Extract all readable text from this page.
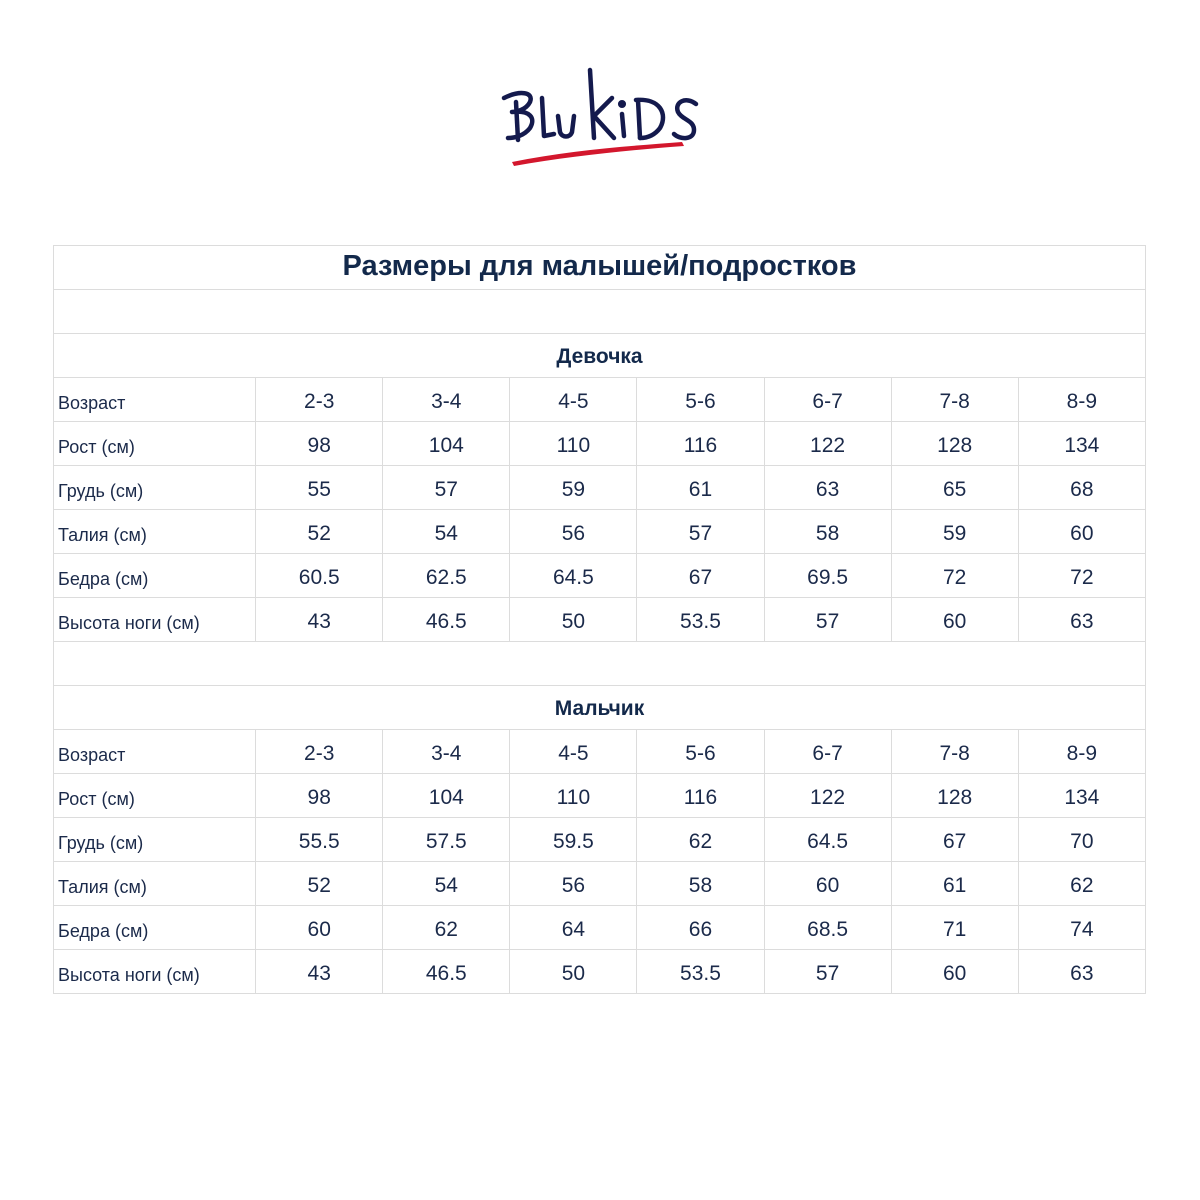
Размеры для малышей/подростков							

Девочка							
Возраст	2-3	3-4	4-5	5-6	6-7	7-8	8-9
Рост (см)	98	104	110	116	122	128	134
Грудь (см)	55	57	59	61	63	65	68
Талия (см)	52	54	56	57	58	59	60
Бедра (см)	60.5	62.5	64.5	67	69.5	72	72
Высота ноги (см)	43	46.5	50	53.5	57	60	63

Мальчик							
Возраст	2-3	3-4	4-5	5-6	6-7	7-8	8-9
Рост (см)	98	104	110	116	122	128	134
Грудь (см)	55.5	57.5	59.5	62	64.5	67	70
Талия (см)	52	54	56	58	60	61	62
Бедра (см)	60	62	64	66	68.5	71	74
Высота ноги (см)	43	46.5	50	53.5	57	60	63
